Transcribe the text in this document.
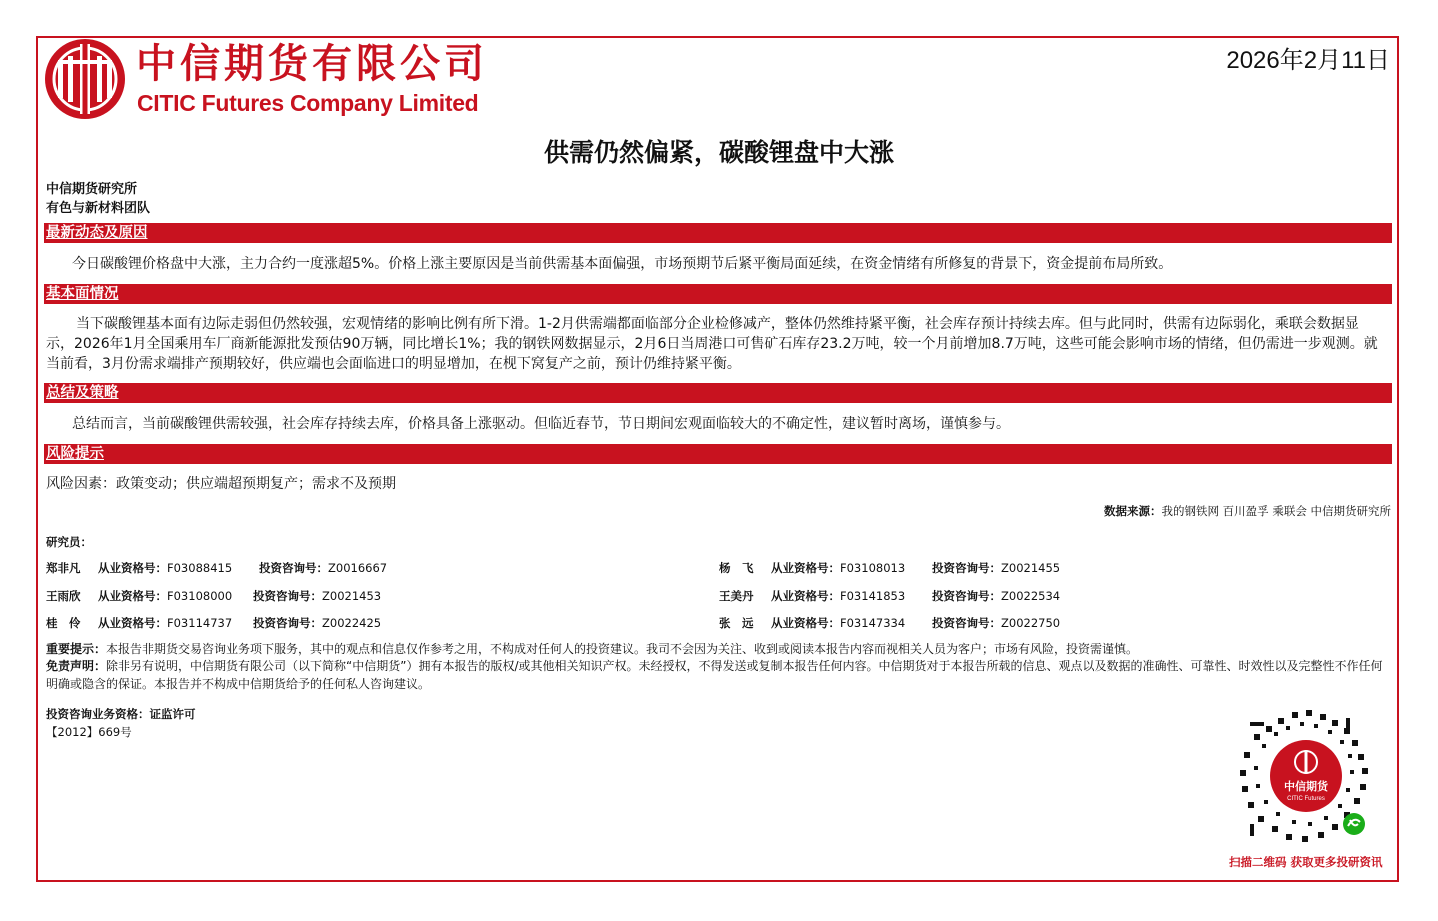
中信期货有限公司
CITIC Futures Company Limited
2026年2月11日
供需仍然偏紧，碳酸锂盘中大涨
中信期货研究所
有色与新材料团队
最新动态及原因
今日碳酸锂价格盘中大涨，主力合约一度涨超5%。价格上涨主要原因是当前供需基本面偏强，市场预期节后紧平衡局面延续，在资金情绪有所修复的背景下，资金提前布局所致。
基本面情况
当下碳酸锂基本面有边际走弱但仍然较强，宏观情绪的影响比例有所下滑。1-2月供需端都面临部分企业检修减产，整体仍然维持紧平衡，社会库存预计持续去库。但与此同时，供需有边际弱化，乘联会数据显示，2026年1月全国乘用车厂商新能源批发预估90万辆，同比增长1%；我的钢铁网数据显示，2月6日当周港口可售矿石库存23.2万吨，较一个月前增加8.7万吨，这些可能会影响市场的情绪，但仍需进一步观测。就当前看，3月份需求端排产预期较好，供应端也会面临进口的明显增加，在枧下窝复产之前，预计仍维持紧平衡。
总结及策略
总结而言，当前碳酸锂供需较强，社会库存持续去库，价格具备上涨驱动。但临近春节，节日期间宏观面临较大的不确定性，建议暂时离场，谨慎参与。
风险提示
风险因素：政策变动；供应端超预期复产；需求不及预期
数据来源：我的钢铁网 百川盈孚 乘联会 中信期货研究所
研究员：
郑非凡 从业资格号：F03088415 投资咨询号：Z0016667	杨　飞 从业资格号：F03108013 投资咨询号：Z0021455
王雨欣 从业资格号：F03108000 投资咨询号：Z0021453	王美丹 从业资格号：F03141853 投资咨询号：Z0022534
桂　伶 从业资格号：F03114737 投资咨询号：Z0022425	张　远 从业资格号：F03147334 投资咨询号：Z0022750
重要提示：本报告非期货交易咨询业务项下服务，其中的观点和信息仅作参考之用，不构成对任何人的投资建议。我司不会因为关注、收到或阅读本报告内容而视相关人员为客户；市场有风险，投资需谨慎。
免责声明：除非另有说明，中信期货有限公司（以下简称“中信期货”）拥有本报告的版权/或其他相关知识产权。未经授权，不得发送或复制本报告任何内容。中信期货对于本报告所载的信息、观点以及数据的准确性、可靠性、时效性以及完整性不作任何明确或隐含的保证。本报告并不构成中信期货给予的任何私人咨询建议。
投资咨询业务资格：证监许可
【2012】669号
中信期货
CITIC Futures
扫描二维码 获取更多投研资讯
